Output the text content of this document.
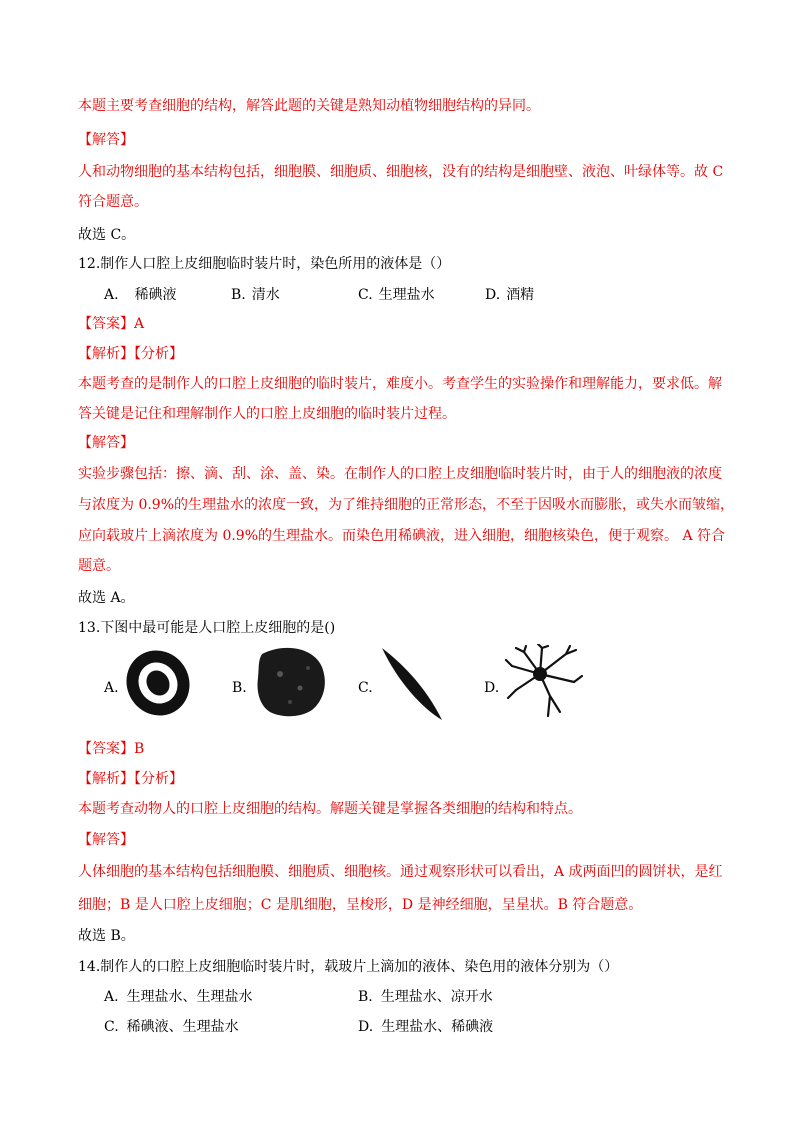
本题主要考查细胞的结构，解答此题的关键是熟知动植物细胞结构的异同。
【解答】
人和动物细胞的基本结构包括，细胞膜、细胞质、细胞核，没有的结构是细胞壁、液泡、叶绿体等。故 C
符合题意。
故选 C。
12.制作人口腔上皮细胞临时装片时，染色所用的液体是（）
A. 稀碘液	B. 清水	C. 生理盐水	D. 酒精
【答案】A
【解析】【分析】
本题考查的是制作人的口腔上皮细胞的临时装片，难度小。考查学生的实验操作和理解能力，要求低。解
答关键是记住和理解制作人的口腔上皮细胞的临时装片过程。
【解答】
实验步骤包括：擦、滴、刮、涂、盖、染。在制作人的口腔上皮细胞临时装片时，由于人的细胞液的浓度
与浓度为 0.9%的生理盐水的浓度一致，为了维持细胞的正常形态，不至于因吸水而膨胀，或失水而皱缩，
应向载玻片上滴浓度为 0.9%的生理盐水。而染色用稀碘液，进入细胞，细胞核染色，便于观察。 A 符合
题意。
故选 A。
13.下图中最可能是人口腔上皮细胞的是()
A.	B.	C.	D.
【答案】B
【解析】【分析】
本题考查动物人的口腔上皮细胞的结构。解题关键是掌握各类细胞的结构和特点。
【解答】
人体细胞的基本结构包括细胞膜、细胞质、细胞核。通过观察形状可以看出，A 成两面凹的圆饼状，是红
细胞；B 是人口腔上皮细胞；C 是肌细胞，呈梭形，D 是神经细胞，呈星状。B 符合题意。
故选 B。
14.制作人的口腔上皮细胞临时装片时，载玻片上滴加的液体、染色用的液体分别为（）
A. 生理盐水、生理盐水	B. 生理盐水、凉开水
C. 稀碘液、生理盐水	D. 生理盐水、稀碘液
